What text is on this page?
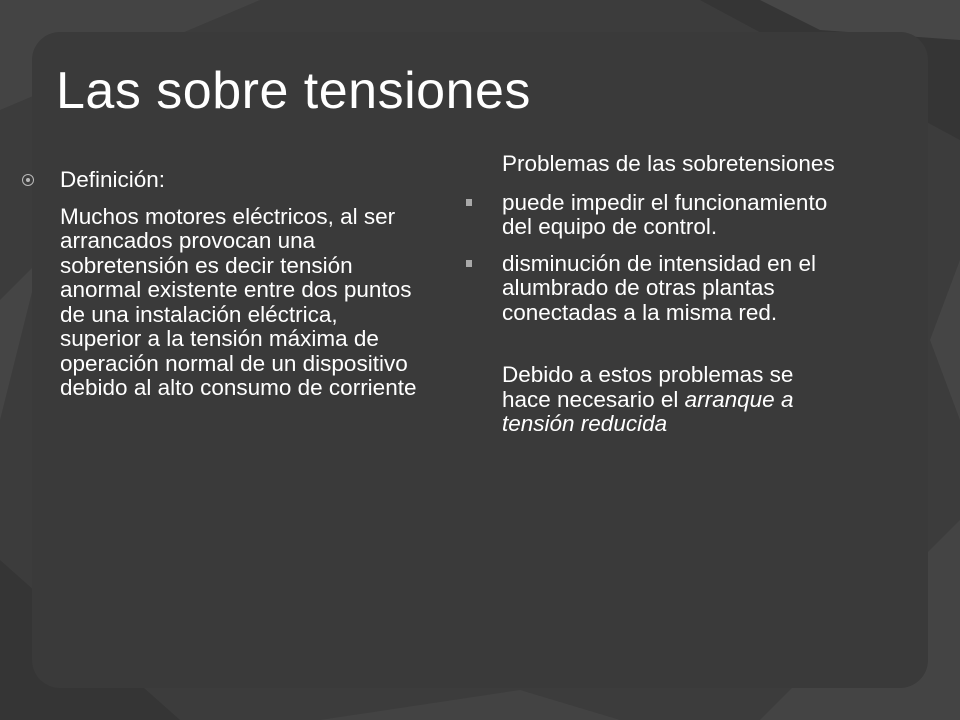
Las sobre tensiones
Definición:
Muchos motores eléctricos, al ser arrancados provocan una sobretensión es decir tensión anormal existente entre dos puntos de una instalación eléctrica, superior a la tensión máxima de operación normal de un dispositivo debido al alto consumo de corriente
Problemas de las sobretensiones
puede impedir el funcionamiento del equipo de control.
disminución de intensidad en el alumbrado de otras plantas conectadas a la misma red.
Debido a estos problemas se hace necesario el arranque a tensión reducida
